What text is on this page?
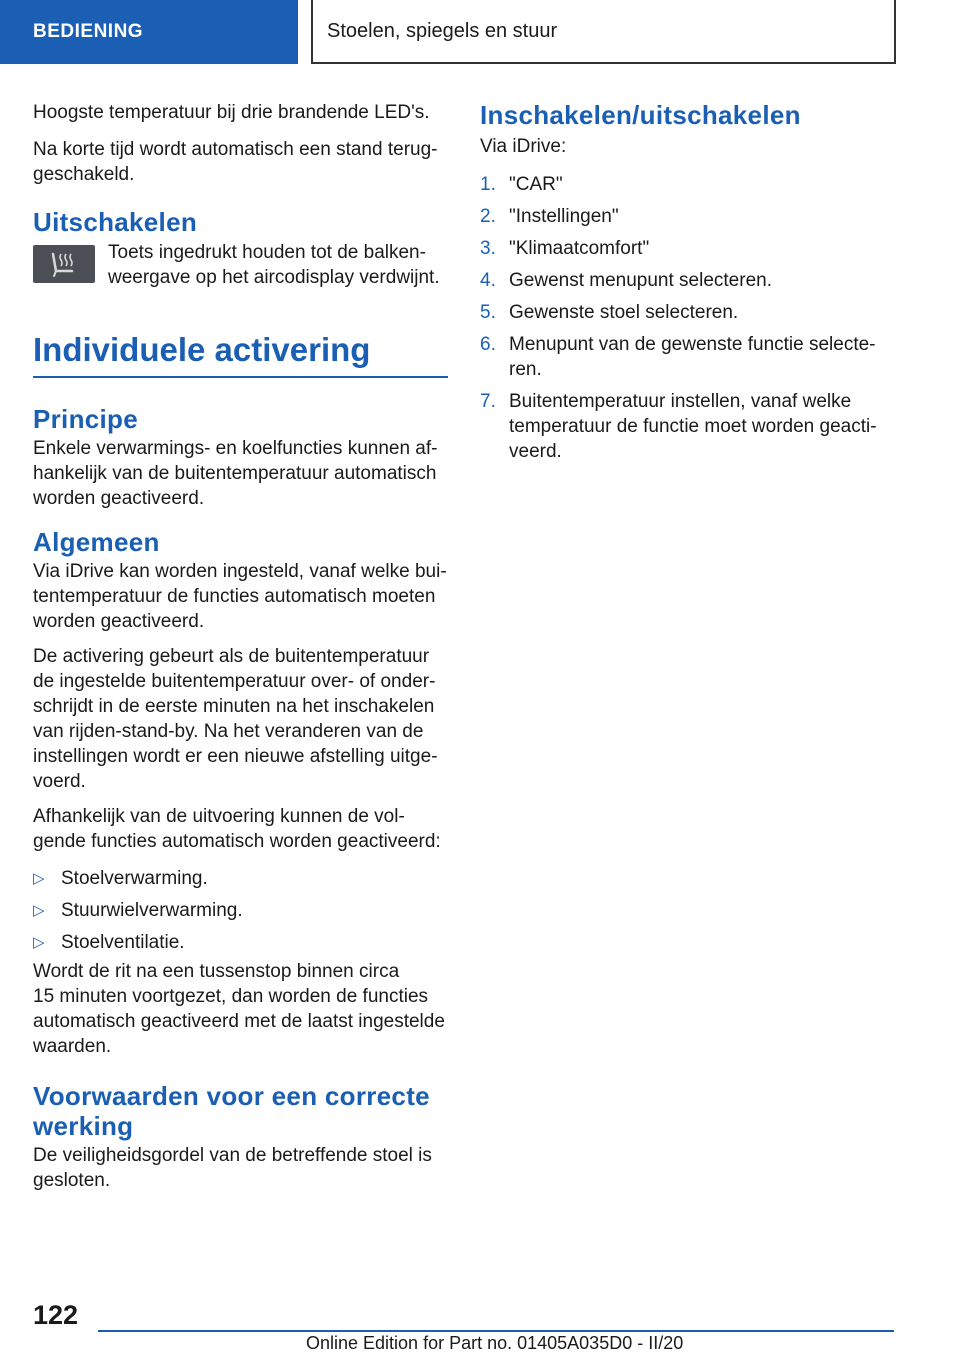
BEDIENING	Stoelen, spiegels en stuur

Hoogste temperatuur bij drie brandende LED's.

Na korte tijd wordt automatisch een stand terug-
geschakeld.

Uitschakelen

Toets ingedrukt houden tot de balken-
weergave op het aircodisplay verdwijnt.

Individuele activering
Principe

Enkele verwarmings- en koelfuncties kunnen af-
hankelijk van de buitentemperatuur automatisch
worden geactiveerd.

Algemeen

Via iDrive kan worden ingesteld, vanaf welke bui-
tentemperatuur de functies automatisch moeten
worden geactiveerd.

De activering gebeurt als de buitentemperatuur
de ingestelde buitentemperatuur over- of onder-
schrijdt in de eerste minuten na het inschakelen
van rijden-stand-by. Na het veranderen van de
instellingen wordt er een nieuwe afstelling uitge-
voerd.

Afhankelijk van de uitvoering kunnen de vol-
gende functies automatisch worden geactiveerd:

▷ Stoelverwarming.
▷ Stuurwielverwarming.
▷ Stoelventilatie.

Wordt de rit na een tussenstop binnen circa
15 minuten voortgezet, dan worden de functies
automatisch geactiveerd met de laatst ingestelde
waarden.

Voorwaarden voor een correcte
werking

De veiligheidsgordel van de betreffende stoel is
gesloten.

Inschakelen/uitschakelen

Via iDrive:

1. "CAR"
2. "Instellingen"
3. "Klimaatcomfort"
4. Gewenst menupunt selecteren.
5. Gewenste stoel selecteren.
6. Menupunt van de gewenste functie selecte-
ren.
7. Buitentemperatuur instellen, vanaf welke
temperatuur de functie moet worden geacti-
veerd.
122
Online Edition for Part no. 01405A035D0 - II/20
